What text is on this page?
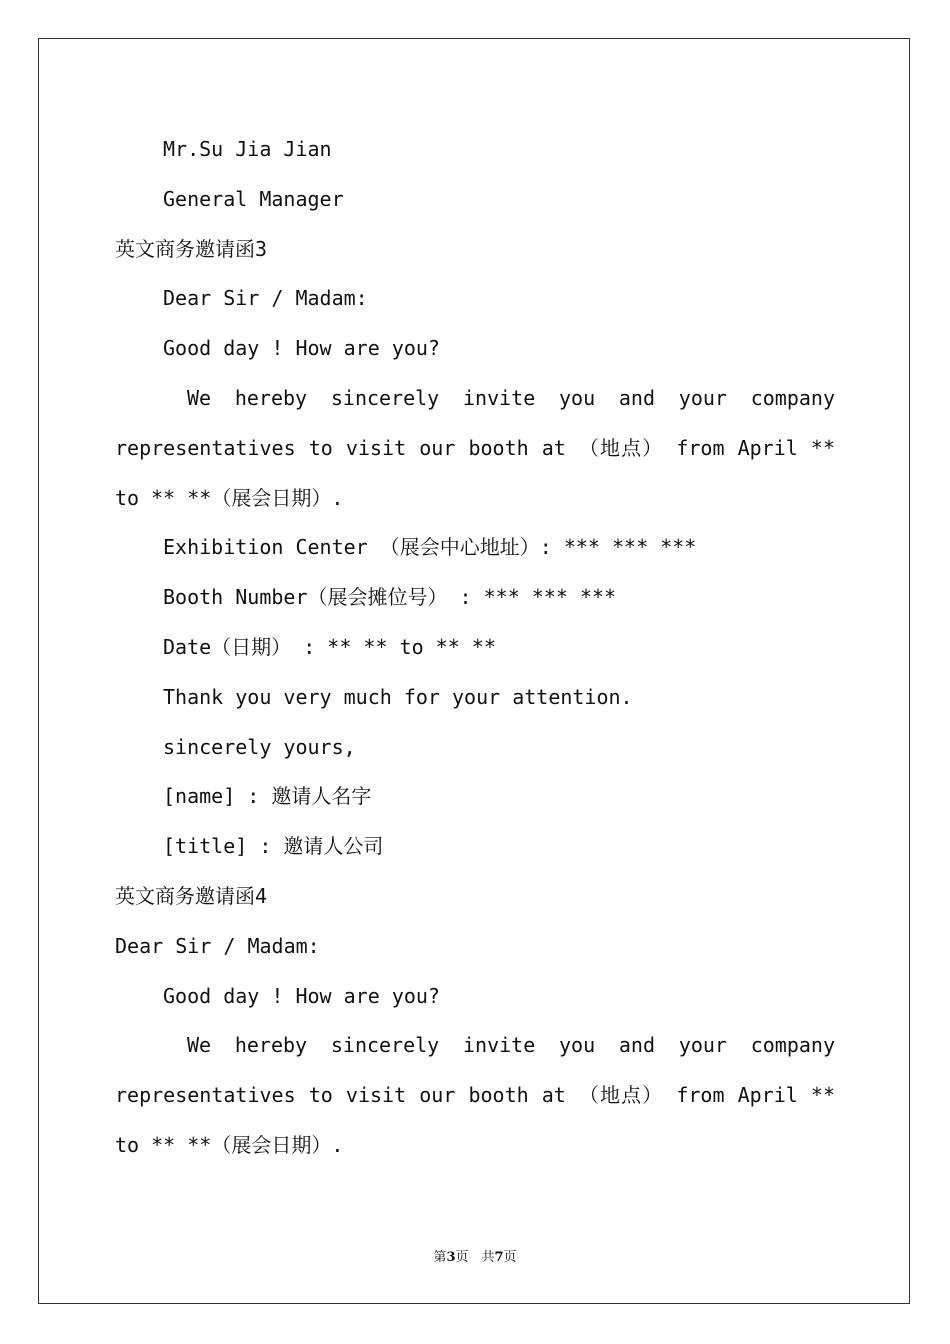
Mr.Su Jia Jian
General Manager
英文商务邀请函3
Dear Sir / Madam:
Good day ! How are you?
We hereby sincerely invite you and your company
representatives to visit our booth at （地点） from April **
to ** **（展会日期）.
Exhibition Center （展会中心地址）: *** *** ***
Booth Number（展会摊位号） : *** *** ***
Date（日期） : ** ** to ** **
Thank you very much for your attention.
sincerely yours,
[name] : 邀请人名字
[title] : 邀请人公司
英文商务邀请函4
Dear Sir / Madam:
Good day ! How are you?
We hereby sincerely invite you and your company
representatives to visit our booth at （地点） from April **
to ** **（展会日期）.
第3页　共7页
